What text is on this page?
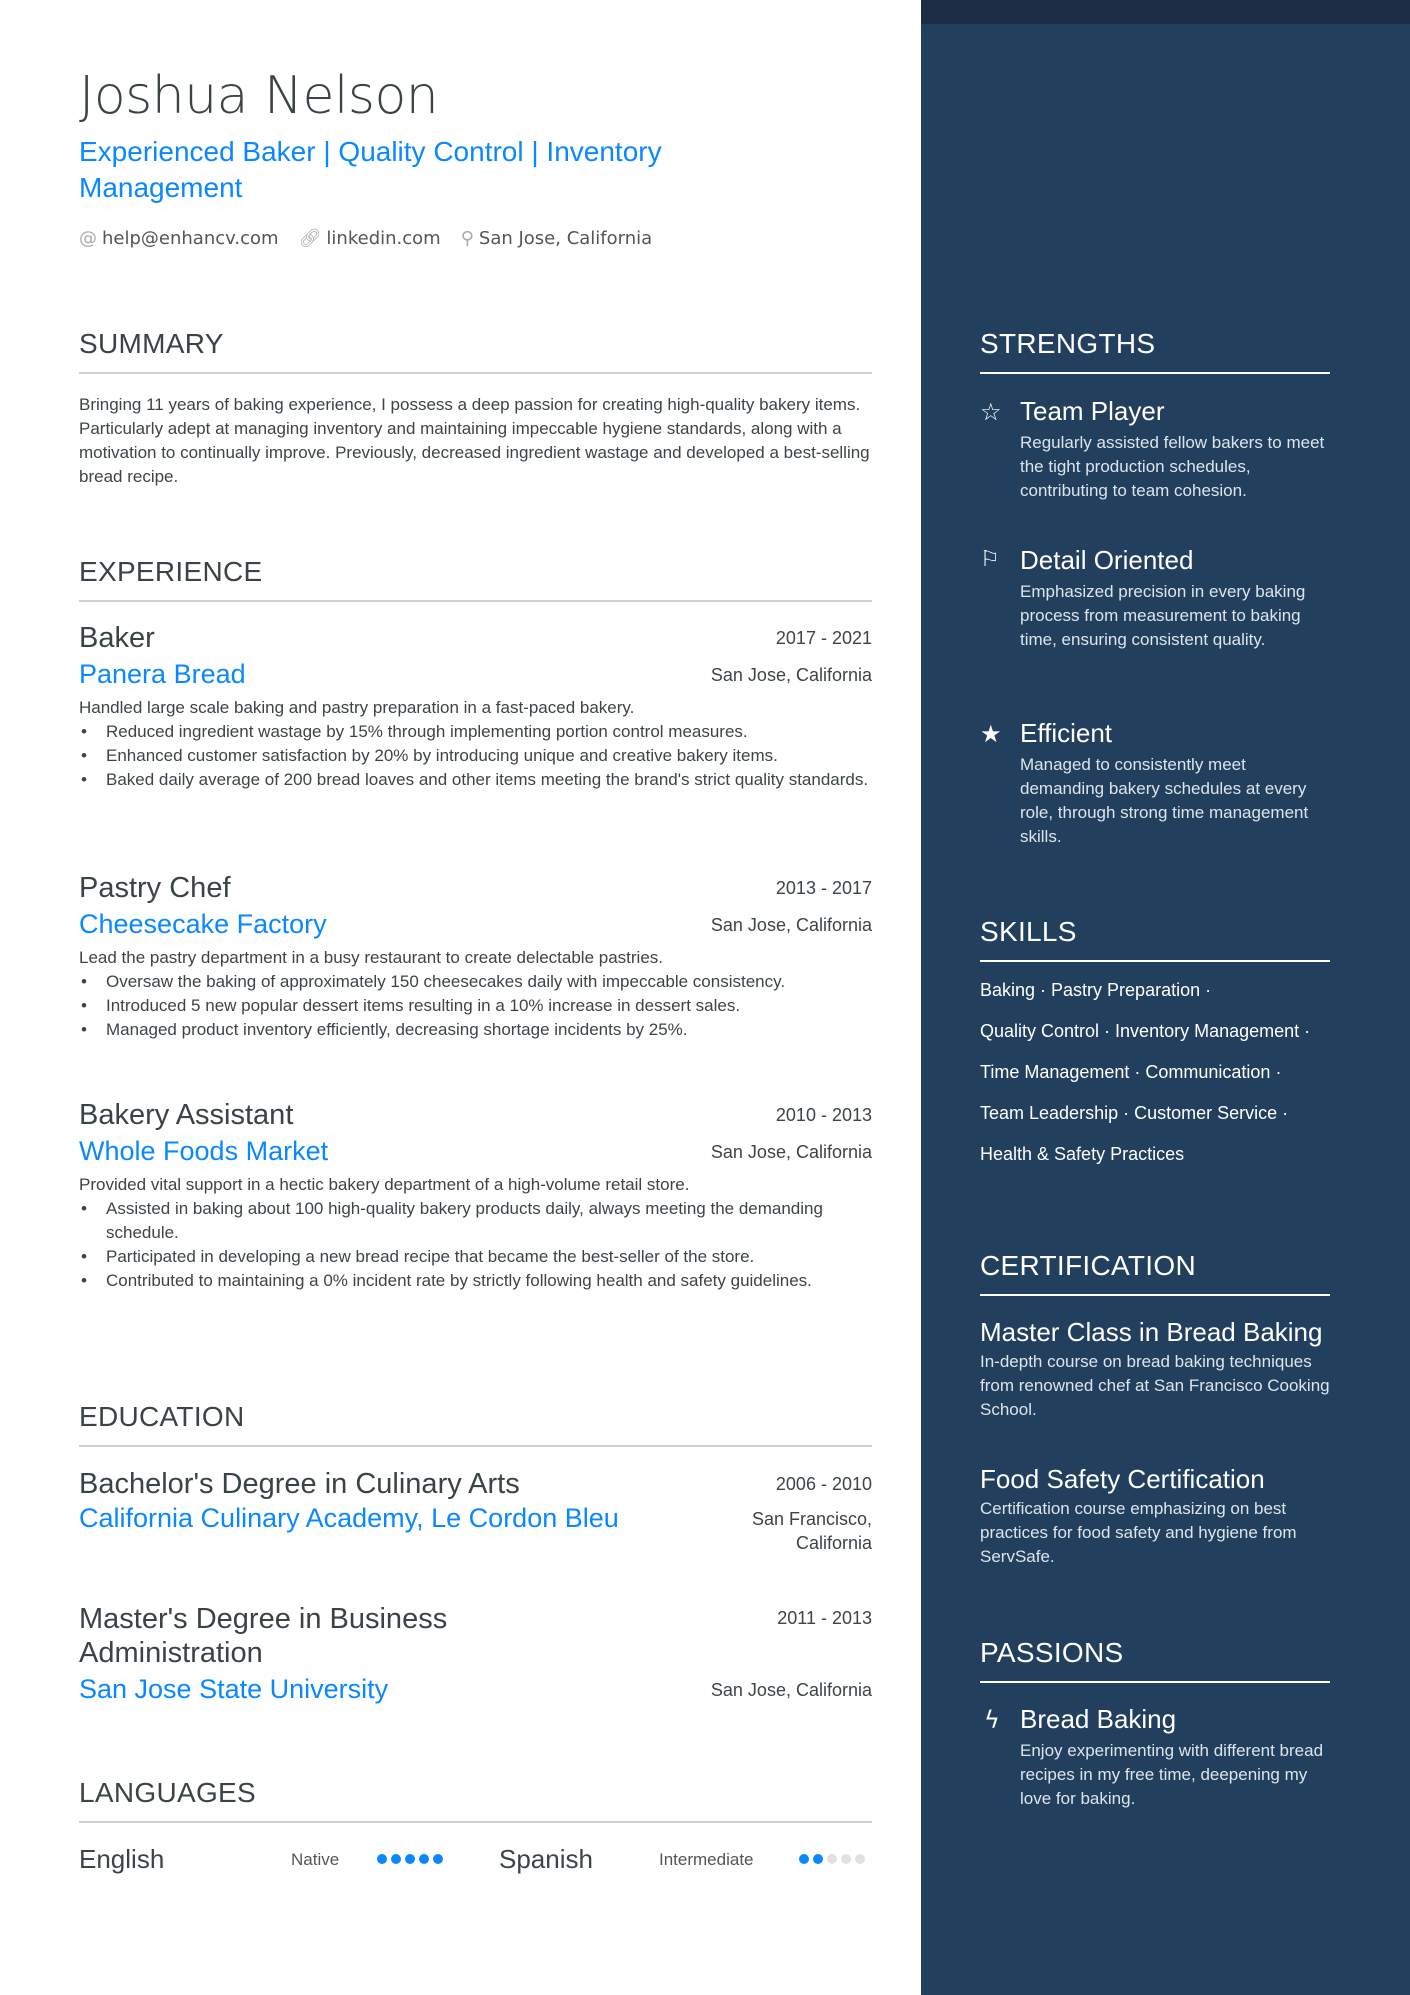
Joshua Nelson
Experienced Baker | Quality Control | Inventory Management
@ help@enhancv.com 🔗︎ linkedin.com ⚲ San Jose, California
SUMMARY
Bringing 11 years of baking experience, I possess a deep passion for creating high-quality bakery items. Particularly adept at managing inventory and maintaining impeccable hygiene standards, along with a motivation to continually improve. Previously, decreased ingredient wastage and developed a best-selling bread recipe.
EXPERIENCE
Baker	2017 - 2021
Panera Bread	San Jose, California
Handled large scale baking and pastry preparation in a fast-paced bakery.
• Reduced ingredient wastage by 15% through implementing portion control measures.
• Enhanced customer satisfaction by 20% by introducing unique and creative bakery items.
• Baked daily average of 200 bread loaves and other items meeting the brand's strict quality standards.
Pastry Chef	2013 - 2017
Cheesecake Factory	San Jose, California
Lead the pastry department in a busy restaurant to create delectable pastries.
• Oversaw the baking of approximately 150 cheesecakes daily with impeccable consistency.
• Introduced 5 new popular dessert items resulting in a 10% increase in dessert sales.
• Managed product inventory efficiently, decreasing shortage incidents by 25%.
Bakery Assistant	2010 - 2013
Whole Foods Market	San Jose, California
Provided vital support in a hectic bakery department of a high-volume retail store.
• Assisted in baking about 100 high-quality bakery products daily, always meeting the demanding schedule.
• Participated in developing a new bread recipe that became the best-seller of the store.
• Contributed to maintaining a 0% incident rate by strictly following health and safety guidelines.
EDUCATION
Bachelor's Degree in Culinary Arts	2006 - 2010
California Culinary Academy, Le Cordon Bleu	San Francisco, California
Master's Degree in Business Administration
2011 - 2013
San Jose State University	San Jose, California
LANGUAGES
English	Native	Spanish	Intermediate
STRENGTHS
☆ Team Player
Regularly assisted fellow bakers to meet the tight production schedules, contributing to team cohesion.
⚐ Detail Oriented
Emphasized precision in every baking process from measurement to baking time, ensuring consistent quality.
★ Efficient
Managed to consistently meet demanding bakery schedules at every role, through strong time management skills.
SKILLS
Baking · Pastry Preparation ·
Quality Control · Inventory Management ·
Time Management · Communication ·
Team Leadership · Customer Service ·
Health & Safety Practices
CERTIFICATION
Master Class in Bread Baking
In-depth course on bread baking techniques from renowned chef at San Francisco Cooking School.
Food Safety Certification
Certification course emphasizing on best practices for food safety and hygiene from ServSafe.
PASSIONS
ϟ Bread Baking
Enjoy experimenting with different bread recipes in my free time, deepening my love for baking.
